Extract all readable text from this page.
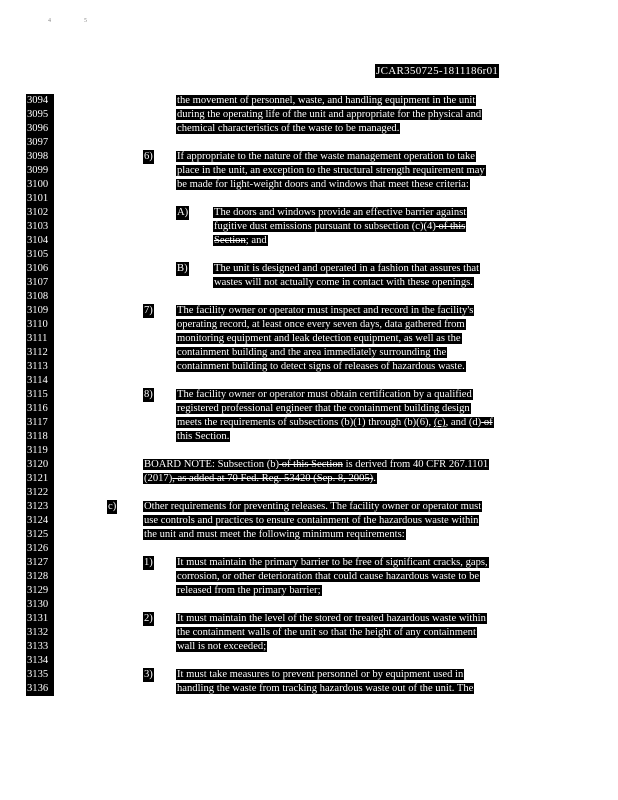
4	5
JCAR350725-1811186r01
3094
3095
3096
3097
3098
3099
3100
3101
3102
3103
3104
3105
3106
3107
3108
3109
3110
3111
3112
3113
3114
3115
3116
3117
3118
3119
3120
3121
3122
3123
3124
3125
3126
3127
3128
3129
3130
3131
3132
3133
3134
3135
3136
the movement of personnel, waste, and handling equipment in the unit
during the operating life of the unit and appropriate for the physical and
chemical characteristics of the waste to be managed.
6) If appropriate to the nature of the waste management operation to take
place in the unit, an exception to the structural strength requirement may
be made for light-weight doors and windows that meet these criteria:
A) The doors and windows provide an effective barrier against
fugitive dust emissions pursuant to subsection (c)(4) of this
Section; and
B) The unit is designed and operated in a fashion that assures that
wastes will not actually come in contact with these openings.
7) The facility owner or operator must inspect and record in the facility's
operating record, at least once every seven days, data gathered from
monitoring equipment and leak detection equipment, as well as the
containment building and the area immediately surrounding the
containment building to detect signs of releases of hazardous waste.
8) The facility owner or operator must obtain certification by a qualified
registered professional engineer that the containment building design
meets the requirements of subsections (b)(1) through (b)(6), (c), and (d) of
this Section.
BOARD NOTE: Subsection (b) of this Section is derived from 40 CFR 267.1101
(2017), as added at 70 Fed. Reg. 53420 (Sep. 8, 2005).
c)	Other requirements for preventing releases. The facility owner or operator must
use controls and practices to ensure containment of the hazardous waste within
the unit and must meet the following minimum requirements:
1) It must maintain the primary barrier to be free of significant cracks, gaps,
corrosion, or other deterioration that could cause hazardous waste to be
released from the primary barrier;
2) It must maintain the level of the stored or treated hazardous waste within
the containment walls of the unit so that the height of any containment
wall is not exceeded;
3) It must take measures to prevent personnel or by equipment used in
handling the waste from tracking hazardous waste out of the unit. The
